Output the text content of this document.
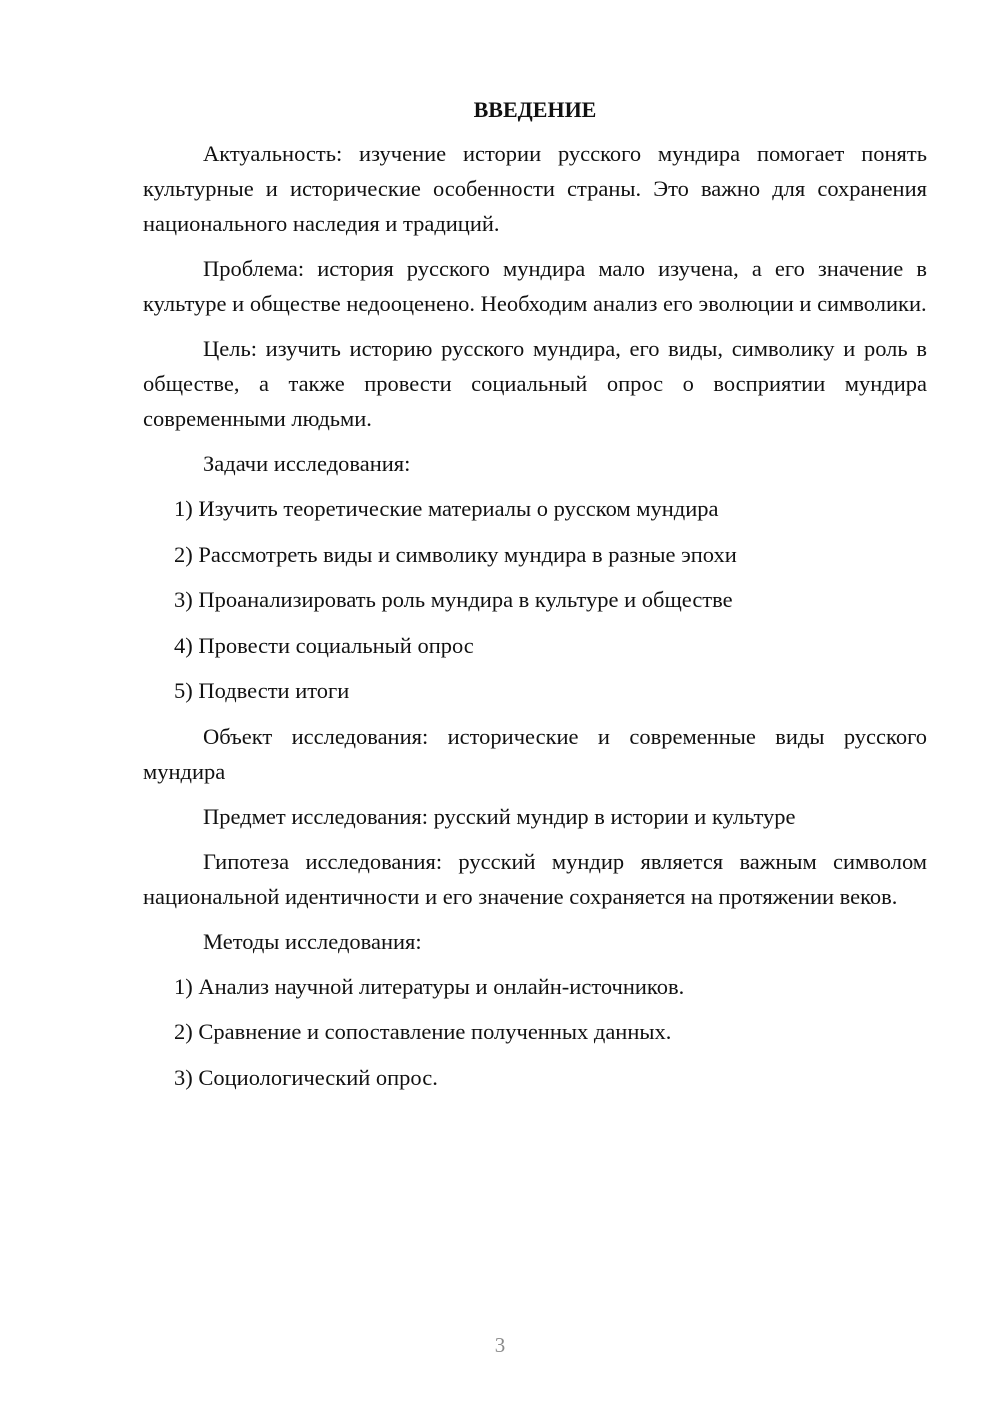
ВВЕДЕНИЕ

Актуальность: изучение истории русского мундира помогает понять культурные и исторические особенности страны. Это важно для сохранения национального наследия и традиций.

Проблема: история русского мундира мало изучена, а его значение в культуре и обществе недооценено. Необходим анализ его эволюции и символики.

Цель: изучить историю русского мундира, его виды, символику и роль в обществе, а также провести социальный опрос о восприятии мундира современными людьми.

Задачи исследования:

1) Изучить теоретические материалы о русском мундира
2) Рассмотреть виды и символику мундира в разные эпохи
3) Проанализировать роль мундира в культуре и обществе
4) Провести социальный опрос
5) Подвести итоги

Объект исследования: исторические и современные виды русского мундира

Предмет исследования: русский мундир в истории и культуре

Гипотеза исследования: русский мундир является важным символом национальной идентичности и его значение сохраняется на протяжении веков.

Методы исследования:

1) Анализ научной литературы и онлайн-источников.
2) Сравнение и сопоставление полученных данных.
3) Социологический опрос.
3
